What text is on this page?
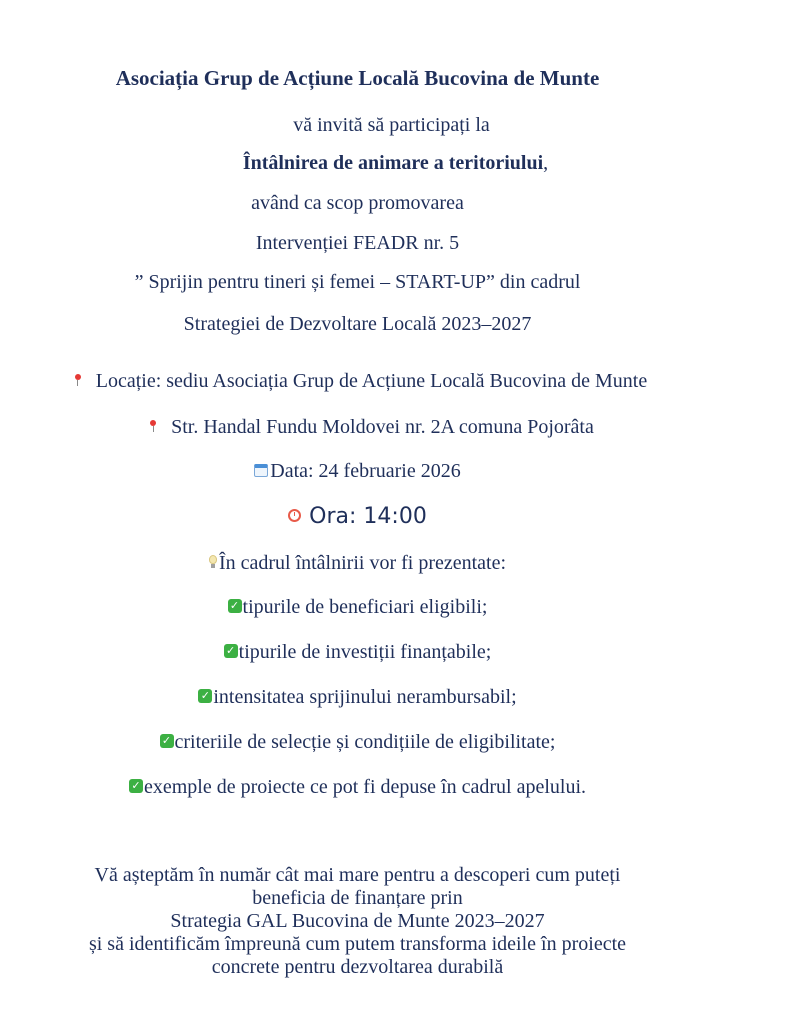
Asociația Grup de Acțiune Locală Bucovina de Munte
vă invită să participați la
Întâlnirea de animare a teritoriului,
având ca scop promovarea
Intervenției FEADR nr. 5
” Sprijin pentru tineri și femei – START-UP” din cadrul
Strategiei de Dezvoltare Locală 2023–2027
Locație: sediu Asociația Grup de Acțiune Locală Bucovina de Munte
Str. Handal Fundu Moldovei nr. 2A comuna Pojorâta
Data: 24 februarie 2026
Ora: 14:00
În cadrul întâlnirii vor fi prezentate:
✓ tipurile de beneficiari eligibili;
✓ tipurile de investiții finanțabile;
✓ intensitatea sprijinului nerambursabil;
✓ criteriile de selecție și condițiile de eligibilitate;
✓ exemple de proiecte ce pot fi depuse în cadrul apelului.
Vă așteptăm în număr cât mai mare pentru a descoperi cum puteți
beneficia de finanțare prin
Strategia GAL Bucovina de Munte 2023–2027
și să identificăm împreună cum putem transforma ideile în proiecte
concrete pentru dezvoltarea durabilă
